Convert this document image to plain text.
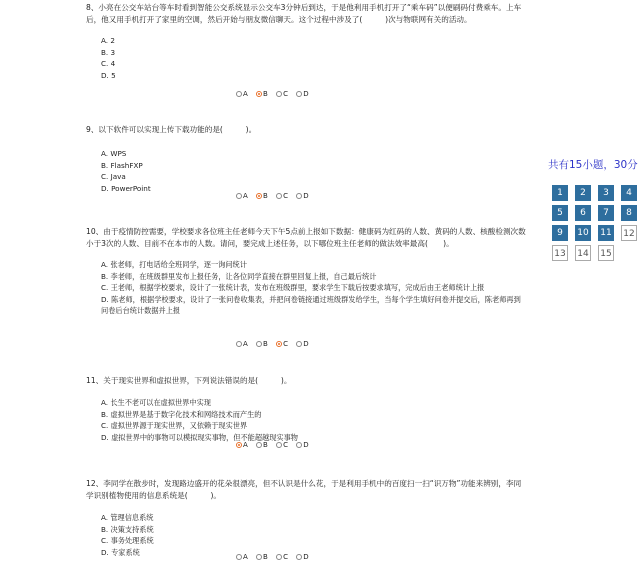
8、小亮在公交车站台等车时看到智能公交系统显示公交车3分钟后到达，于是他利用手机打开了“乘车码”以便刷码付费乘车。上车后，他又用手机打开了家里的空调，然后开始与朋友微信聊天。这个过程中涉及了(　　　)次与物联网有关的活动。
A. 2
B. 3
C. 4
D. 5
A B C D
9、以下软件可以实现上传下载功能的是(　　　)。
A. WPS
B. FlashFXP
C. Java
D. PowerPoint
A B C D
10、由于疫情防控需要，学校要求各位班主任老师今天下午5点前上报如下数据：健康码为红码的人数、黄码的人数、核酸检测次数小于3次的人数、目前不在本市的人数。请问，要完成上述任务，以下哪位班主任老师的做法效率最高(　　)。
A. 张老师，打电话给全班同学，逐一询问统计
B. 李老师，在班级群里发布上报任务，让各位同学直接在群里回复上报，自己最后统计
C. 王老师，根据学校要求，设计了一张统计表，发布在班级群里，要求学生下载后按要求填写，完成后由王老师统计上报
D. 陈老师，根据学校要求，设计了一张问卷收集表，并把问卷链接通过班级群发给学生，当每个学生填好问卷并提交后，陈老师再到问卷后台统计数据并上报
A B C D
11、关于现实世界和虚拟世界，下列说法错误的是(　　　)。
A. 长生不老可以在虚拟世界中实现
B. 虚拟世界是基于数字化技术和网络技术而产生的
C. 虚拟世界源于现实世界，又依赖于现实世界
D. 虚拟世界中的事物可以模拟现实事物，但不能超越现实事物
A B C D
12、李同学在散步时，发现路边盛开的花朵很漂亮，但不认识是什么花，于是利用手机中的百度扫一扫“识万物”功能来辨别，李同学识别植物使用的信息系统是(　　　)。
A. 管理信息系统
B. 决策支持系统
C. 事务处理系统
D. 专家系统
A B C D
共有15小题，30分
1	2	3	4
5	6	7	8
9	10 11 12
13 14 15
